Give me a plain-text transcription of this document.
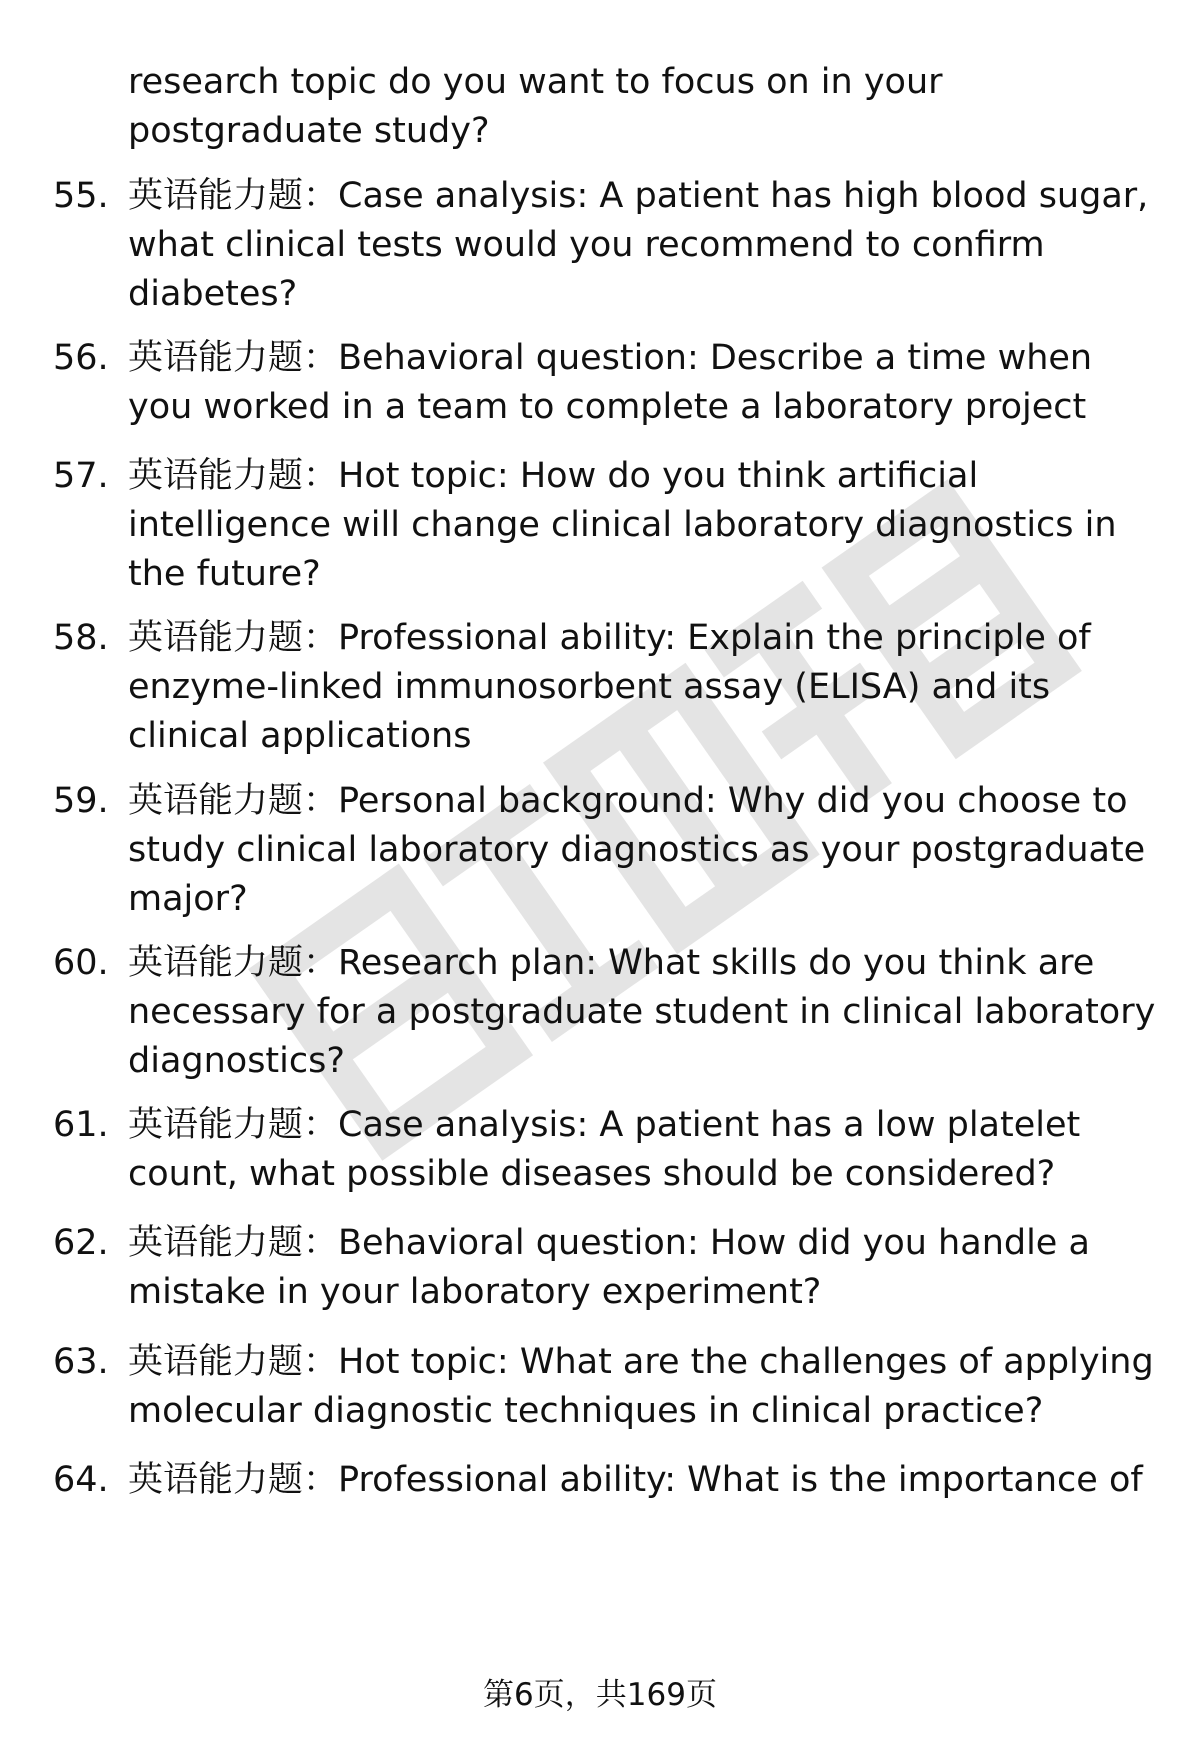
research topic do you want to focus on in your postgraduate study?
55. 英语能力题：Case analysis: A patient has high blood sugar, what clinical tests would you recommend to confirm diabetes?
56. 英语能力题：Behavioral question: Describe a time when you worked in a team to complete a laboratory project
57. 英语能力题：Hot topic: How do you think artificial intelligence will change clinical laboratory diagnostics in the future?
58. 英语能力题：Professional ability: Explain the principle of enzyme-linked immunosorbent assay (ELISA) and its clinical applications
59. 英语能力题：Personal background: Why did you choose to study clinical laboratory diagnostics as your postgraduate major?
60. 英语能力题：Research plan: What skills do you think are necessary for a postgraduate student in clinical laboratory diagnostics?
61. 英语能力题：Case analysis: A patient has a low platelet count, what possible diseases should be considered?
62. 英语能力题：Behavioral question: How did you handle a mistake in your laboratory experiment?
63. 英语能力题：Hot topic: What are the challenges of applying molecular diagnostic techniques in clinical practice?
64. 英语能力题：Professional ability: What is the importance of
第6页，共169页
